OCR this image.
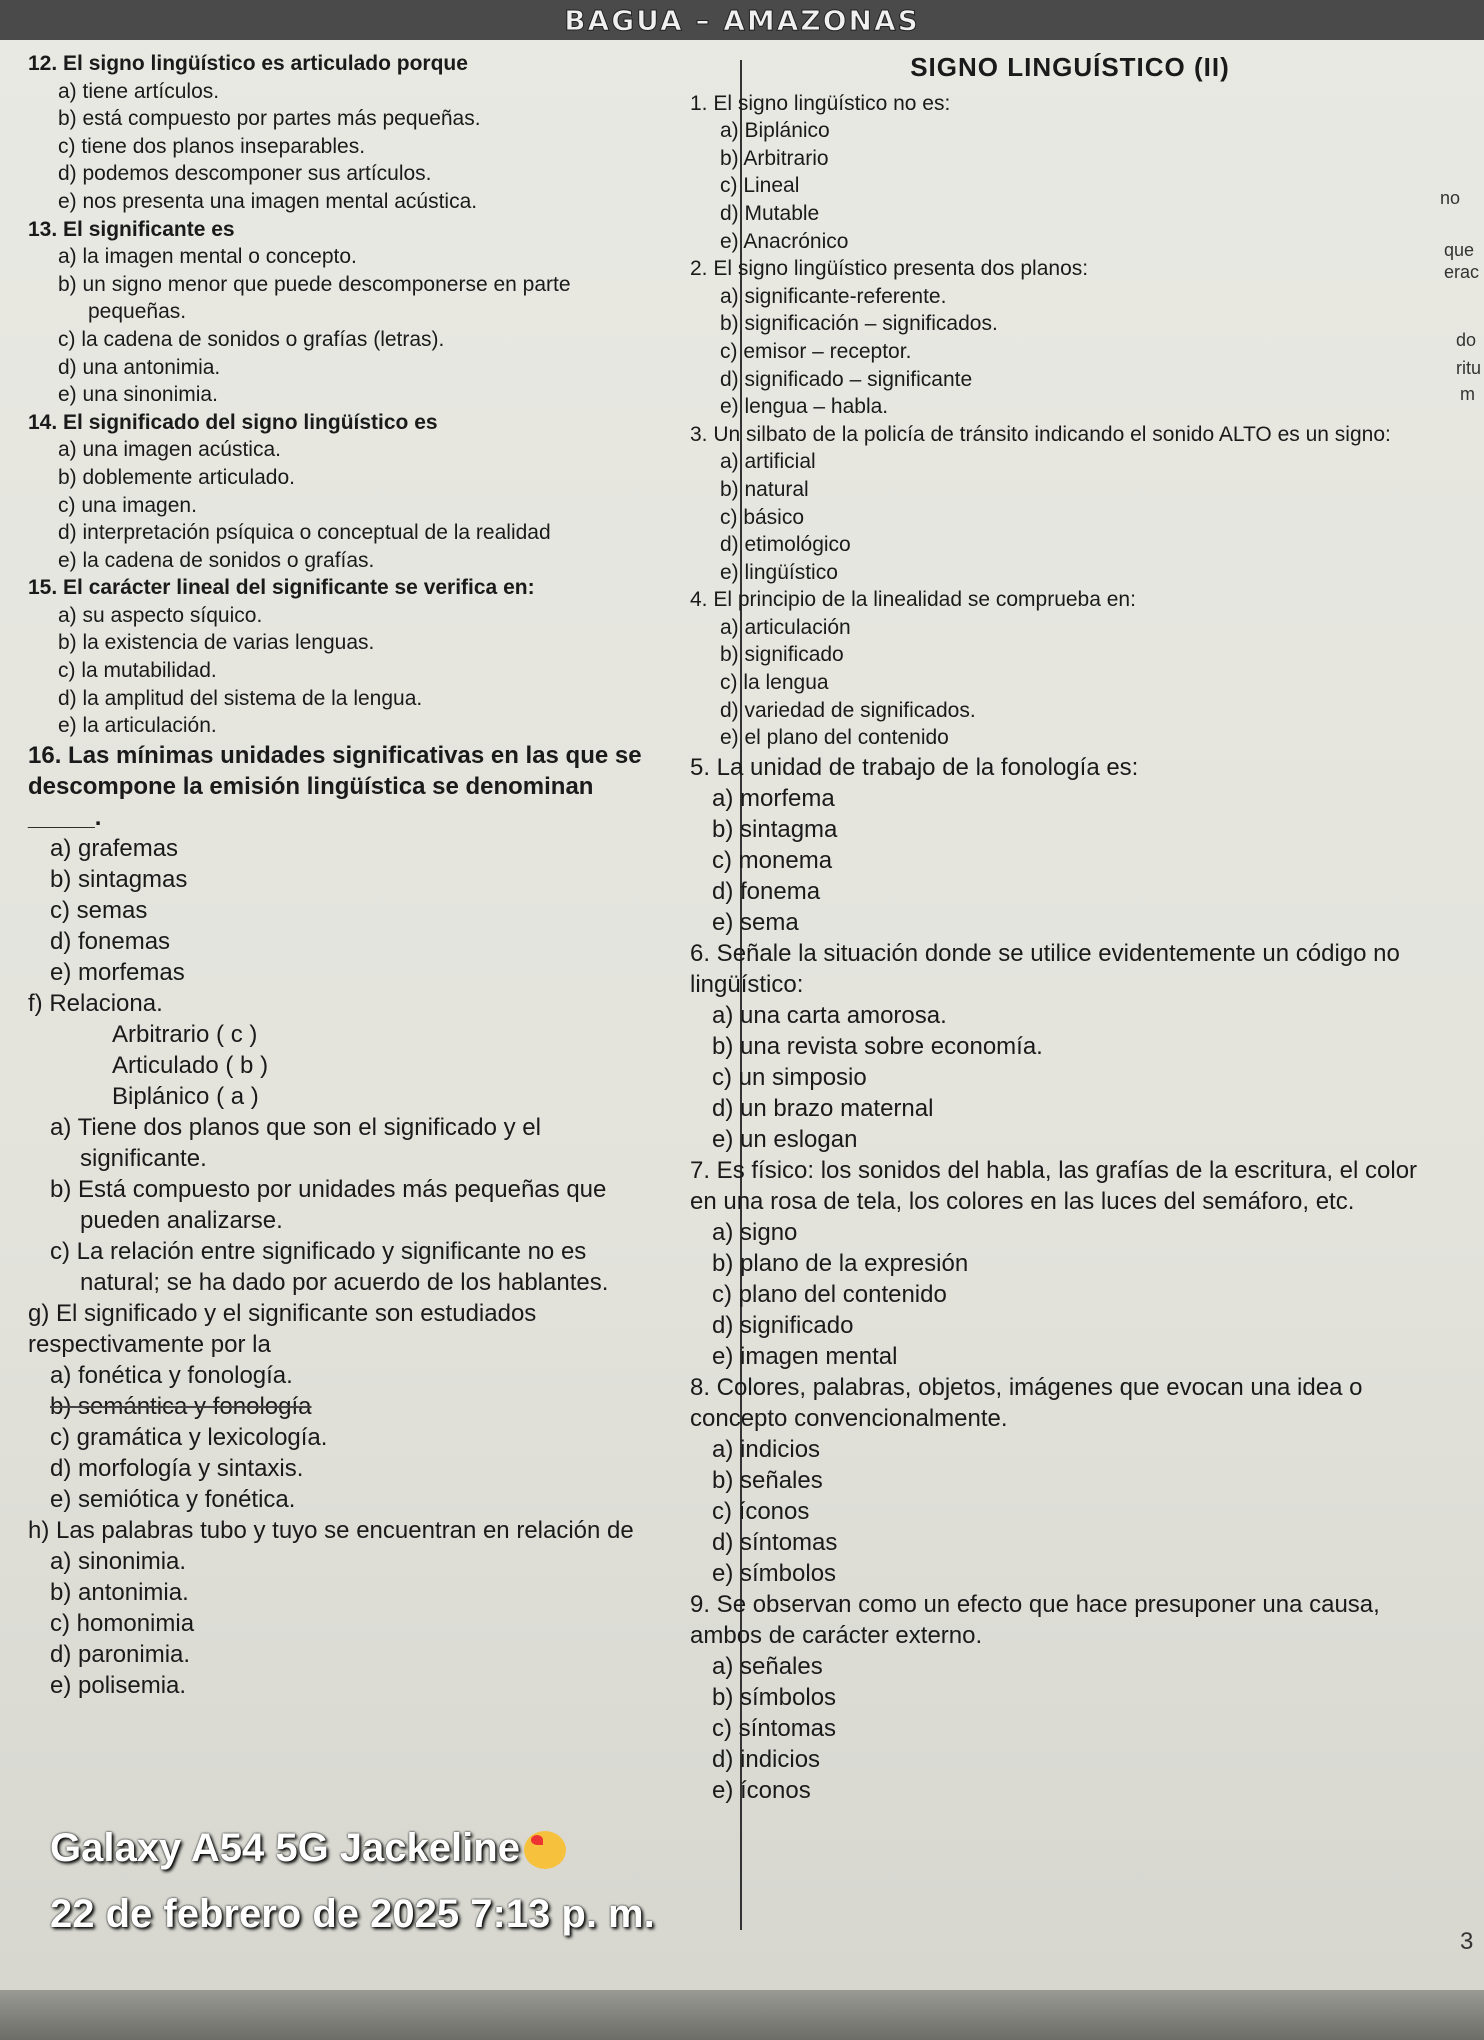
BAGUA – AMAZONAS

12. El signo lingüístico es articulado porque

a) tiene artículos.

b) está compuesto por partes más pequeñas.

c) tiene dos planos inseparables.

d) podemos descomponer sus artículos.

e) nos presenta una imagen mental acústica.

13. El significante es

a) la imagen mental o concepto.

b) un signo menor que puede descomponerse en parte pequeñas.

c) la cadena de sonidos o grafías (letras).

d) una antonimia.

e) una sinonimia.

14. El significado del signo lingüístico es

a) una imagen acústica.

b) doblemente articulado.

c) una imagen.

d) interpretación psíquica o conceptual de la realidad

e) la cadena de sonidos o grafías.

15. El carácter lineal del significante se verifica en:

a) su aspecto síquico.

b) la existencia de varias lenguas.

c) la mutabilidad.

d) la amplitud del sistema de la lengua.

e) la articulación.

16. Las mínimas unidades significativas en las que se descompone la emisión lingüística se denominan _____.

a) grafemas

b) sintagmas

c) semas

d) fonemas

e) morfemas

f) Relaciona.

Arbitrario ( c )

Articulado ( b )

Biplánico ( a )

a) Tiene dos planos que son el significado y el significante.

b) Está compuesto por unidades más pequeñas que pueden analizarse.

c) La relación entre significado y significante no es natural; se ha dado por acuerdo de los hablantes.

g) El significado y el significante son estudiados respectivamente por la

a) fonética y fonología.

b) semántica y fonología

c) gramática y lexicología.

d) morfología y sintaxis.

e) semiótica y fonética.

h) Las palabras tubo y tuyo se encuentran en relación de

a) sinonimia.

b) antonimia.

c) homonimia

d) paronimia.

e) polisemia.

SIGNO LINGUÍSTICO (II)

1. El signo lingüístico no es:

a) Biplánico

b) Arbitrario

c) Lineal

d) Mutable

e) Anacrónico

2. El signo lingüístico presenta dos planos:

a) significante-referente.

b) significación – significados.

c) emisor – receptor.

d) significado – significante

e) lengua – habla.

3. Un silbato de la policía de tránsito indicando el sonido ALTO es un signo:

a) artificial

b) natural

c) básico

d) etimológico

e) lingüístico

4. El principio de la linealidad se comprueba en:

a) articulación

b) significado

c) la lengua

d) variedad de significados.

e) el plano del contenido

5. La unidad de trabajo de la fonología es:

a) morfema

b) sintagma

c) monema

d) fonema

e) sema

6. Señale la situación donde se utilice evidentemente un código no lingüístico:

a) una carta amorosa.

b) una revista sobre economía.

c) un simposio

d) un brazo maternal

e) un eslogan

7. Es físico: los sonidos del habla, las grafías de la escritura, el color en una rosa de tela, los colores en las luces del semáforo, etc.

a) signo

b) plano de la expresión

c) plano del contenido

d) significado

e) imagen mental

8. Colores, palabras, objetos, imágenes que evocan una idea o concepto convencionalmente.

a) indicios

b) señales

c) íconos

d) síntomas

e) símbolos

9. Se observan como un efecto que hace presuponer una causa, ambos de carácter externo.

a) señales

b) símbolos

c) síntomas

d) indicios

e) íconos

no
que
erac
do
ritu
m
3
Galaxy A54 5G Jackeline
22 de febrero de 2025 7:13 p. m.
